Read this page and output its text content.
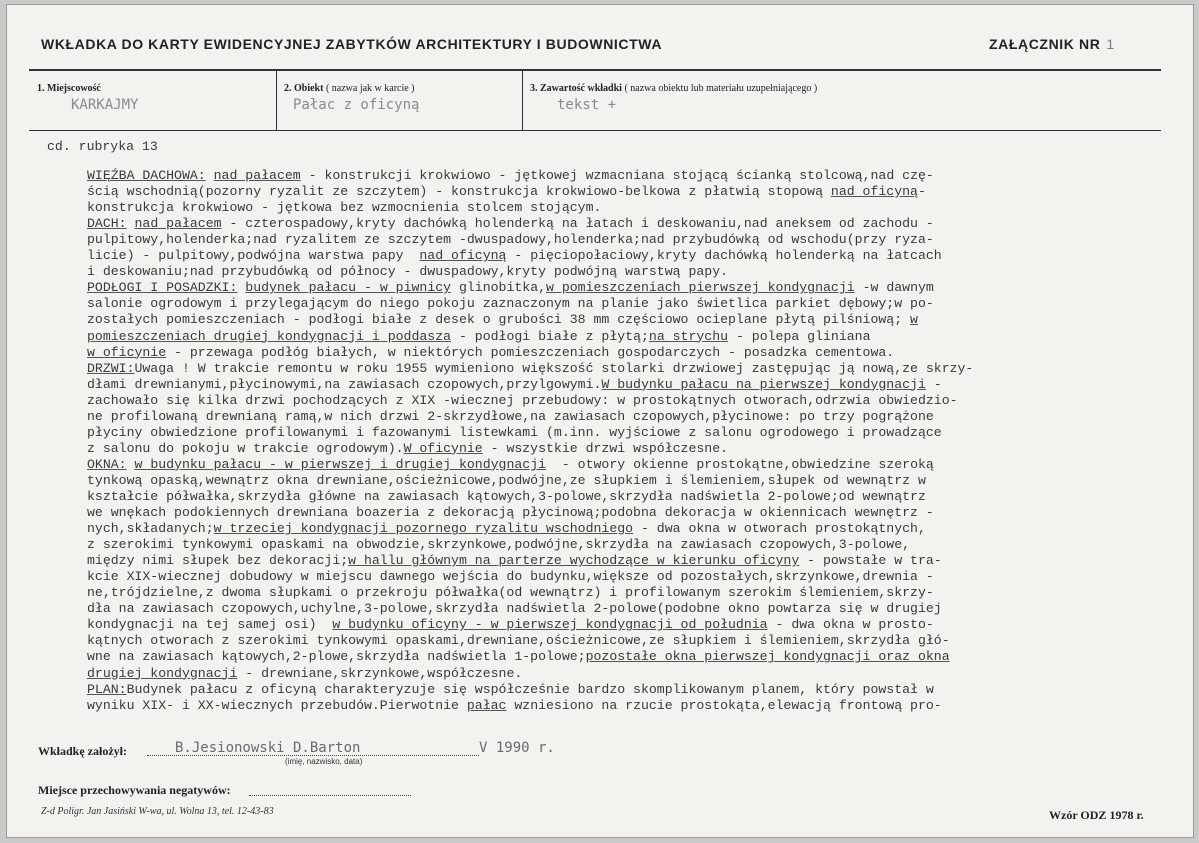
WKŁADKA DO KARTY EWIDENCYJNEJ ZABYTKÓW ARCHITEKTURY I BUDOWNICTWA	ZAŁĄCZNIK NR 1
1. Miejscowość
KARKAJMY
2. Obiekt ( nazwa jak w karcie )
Pałac z oficyną
3. Zawartość wkładki ( nazwa obiektu lub materiału uzupełniającego )
tekst +
cd. rubryka 13
WIĘŹBA DACHOWA: nad pałacem - konstrukcji krokwiowo - jętkowej wzmacniana stojącą ścianką stolcową,nad czę-
ścią wschodnią(pozorny ryzalit ze szczytem) - konstrukcja krokwiowo-belkowa z płatwią stopową nad oficyną-
konstrukcja krokwiowo - jętkowa bez wzmocnienia stolcem stojącym.
DACH: nad pałacem - czterospadowy,kryty dachówką holenderką na łatach i deskowaniu,nad aneksem od zachodu -
pulpitowy,holenderka;nad ryzalitem ze szczytem -dwuspadowy,holenderka;nad przybudówką od wschodu(przy ryza-
licie) - pulpitowy,podwójna warstwa papy  nad oficyną - pięciopołaciowy,kryty dachówką holenderką na łatcach
i deskowaniu;nad przybudówką od północy - dwuspadowy,kryty podwójną warstwą papy.
PODŁOGI I POSADZKI: budynek pałacu - w piwnicy glinobitka,w pomieszczeniach pierwszej kondygnacji -w dawnym
salonie ogrodowym i przylegającym do niego pokoju zaznaczonym na planie jako świetlica parkiet dębowy;w po-
zostałych pomieszczeniach - podłogi białe z desek o grubości 38 mm częściowo ocieplane płytą pilśniową; w
pomieszczeniach drugiej kondygnacji i poddasza - podłogi białe z płytą;na strychu - polepa gliniana
w oficynie - przewaga podłóg białych, w niektórych pomieszczeniach gospodarczych - posadzka cementowa.
DRZWI:Uwaga ! W trakcie remontu w roku 1955 wymieniono większość stolarki drzwiowej zastępując ją nową,ze skrzy-
dłami drewnianymi,płycinowymi,na zawiasach czopowych,przylgowymi.W budynku pałacu na pierwszej kondygnacji -
zachowało się kilka drzwi pochodzących z XIX -wiecznej przebudowy: w prostokątnych otworach,odrzwia obwiedzio-
ne profilowaną drewnianą ramą,w nich drzwi 2-skrzydłowe,na zawiasach czopowych,płycinowe: po trzy pogrążone
płyciny obwiedzione profilowanymi i fazowanymi listewkami (m.inn. wyjściowe z salonu ogrodowego i prowadzące
z salonu do pokoju w trakcie ogrodowym).W oficynie - wszystkie drzwi współczesne.
OKNA: w budynku pałacu - w pierwszej i drugiej kondygnacji  - otwory okienne prostokątne,obwiedzine szeroką
tynkową opaską,wewnątrz okna drewniane,ościeżnicowe,podwójne,ze słupkiem i ślemieniem,słupek od wewnątrz w
kształcie półwałka,skrzydła główne na zawiasach kątowych,3-polowe,skrzydła nadświetla 2-polowe;od wewnątrz
we wnękach podokiennych drewniana boazeria z dekoracją płycinową;podobna dekoracja w okiennicach wewnętrz -
nych,składanych;w trzeciej kondygnacji pozornego ryzalitu wschodniego - dwa okna w otworach prostokątnych,
z szerokimi tynkowymi opaskami na obwodzie,skrzynkowe,podwójne,skrzydła na zawiasach czopowych,3-polowe,
między nimi słupek bez dekoracji;w hallu głównym na parterze wychodzące w kierunku oficyny - powstałe w tra-
kcie XIX-wiecznej dobudowy w miejscu dawnego wejścia do budynku,większe od pozostałych,skrzynkowe,drewnia -
ne,trójdzielne,z dwoma słupkami o przekroju półwałka(od wewnątrz) i profilowanym szerokim ślemieniem,skrzy-
dła na zawiasach czopowych,uchylne,3-polowe,skrzydła nadświetla 2-polowe(podobne okno powtarza się w drugiej
kondygnacji na tej samej osi)  w budynku oficyny - w pierwszej kondygnacji od południa - dwa okna w prosto-
kątnych otworach z szerokimi tynkowymi opaskami,drewniane,ościeżnicowe,ze słupkiem i ślemieniem,skrzydła głó-
wne na zawiasach kątowych,2-plowe,skrzydła nadświetla 1-polowe;pozostałe okna pierwszej kondygnacji oraz okna
drugiej kondygnacji - drewniane,skrzynkowe,współczesne.
PLAN:Budynek pałacu z oficyną charakteryzuje się współcześnie bardzo skomplikowanym planem, który powstał w
wyniku XIX- i XX-wiecznych przebudów.Pierwotnie pałac wzniesiono na rzucie prostokąta,elewacją frontową pro-
Wkładkę założył:	B.Jesionowski D.Barton	V 1990 r.
(imię, nazwisko, data)
Miejsce przechowywania negatywów:
Z-d Poligr. Jan Jasiński W-wa, ul. Wolna 13, tel. 12-43-83	Wzór ODZ 1978 r.
